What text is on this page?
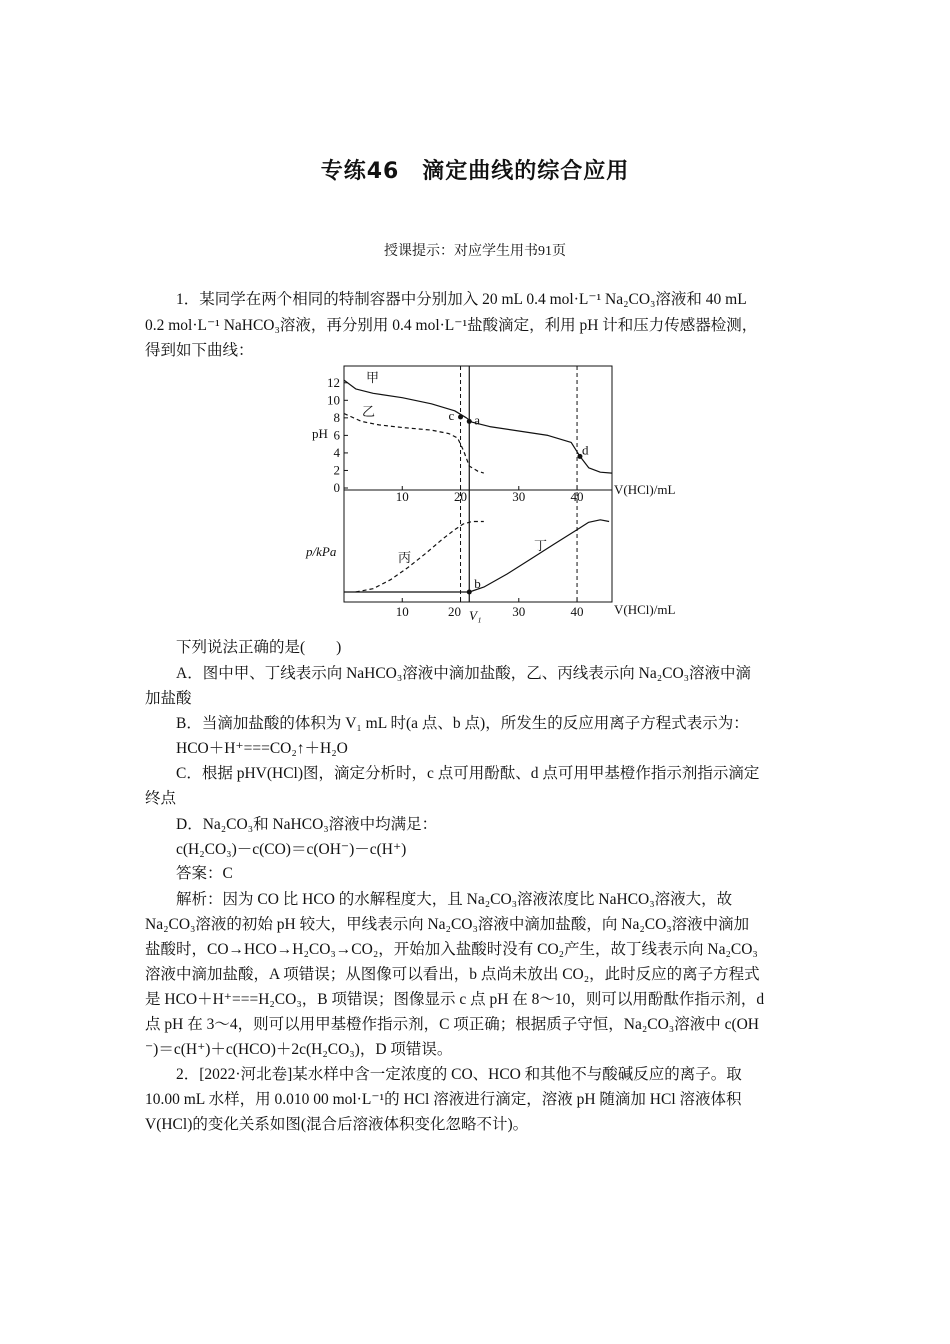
专练46　滴定曲线的综合应用
授课提示：对应学生用书91页
1．某同学在两个相同的特制容器中分别加入 20 mL 0.4 mol·L⁻¹ Na₂CO₃溶液和 40 mL
0.2 mol·L⁻¹ NaHCO₃溶液，再分别用 0.4 mol·L⁻¹盐酸滴定，利用 pH 计和压力传感器检测，
得到如下曲线：
0
2
4
6
8
10
12
10
10
20
20
30
30
40
40
c a
d
b
pH
p/kPa
V(HCl)/mL
V(HCl)/mL
甲
乙
丙
丁
V₁
下列说法正确的是(　　)
A．图中甲、丁线表示向 NaHCO₃溶液中滴加盐酸，乙、丙线表示向 Na₂CO₃溶液中滴
加盐酸
B．当滴加盐酸的体积为 V₁ mL 时(a 点、b 点)，所发生的反应用离子方程式表示为：
HCO＋H⁺===CO₂↑＋H₂O
C．根据 pHV(HCl)图，滴定分析时，c 点可用酚酞、d 点可用甲基橙作指示剂指示滴定
终点
D．Na₂CO₃和 NaHCO₃溶液中均满足：
c(H₂CO₃)－c(CO)＝c(OH⁻)－c(H⁺)
答案：C
解析：因为 CO 比 HCO 的水解程度大，且 Na₂CO₃溶液浓度比 NaHCO₃溶液大，故
Na₂CO₃溶液的初始 pH 较大，甲线表示向 Na₂CO₃溶液中滴加盐酸，向 Na₂CO₃溶液中滴加
盐酸时，CO→HCO→H₂CO₃→CO₂，开始加入盐酸时没有 CO₂产生，故丁线表示向 Na₂CO₃
溶液中滴加盐酸，A 项错误；从图像可以看出，b 点尚未放出 CO₂，此时反应的离子方程式
是 HCO＋H⁺===H₂CO₃，B 项错误；图像显示 c 点 pH 在 8～10，则可以用酚酞作指示剂，d
点 pH 在 3～4，则可以用甲基橙作指示剂，C 项正确；根据质子守恒，Na₂CO₃溶液中 c(OH
⁻)＝c(H⁺)＋c(HCO)＋2c(H₂CO₃)，D 项错误。
2．[2022·河北卷]某水样中含一定浓度的 CO、HCO 和其他不与酸碱反应的离子。取
10.00 mL 水样，用 0.010 00 mol·L⁻¹的 HCl 溶液进行滴定，溶液 pH 随滴加 HCl 溶液体积
V(HCl)的变化关系如图(混合后溶液体积变化忽略不计)。
